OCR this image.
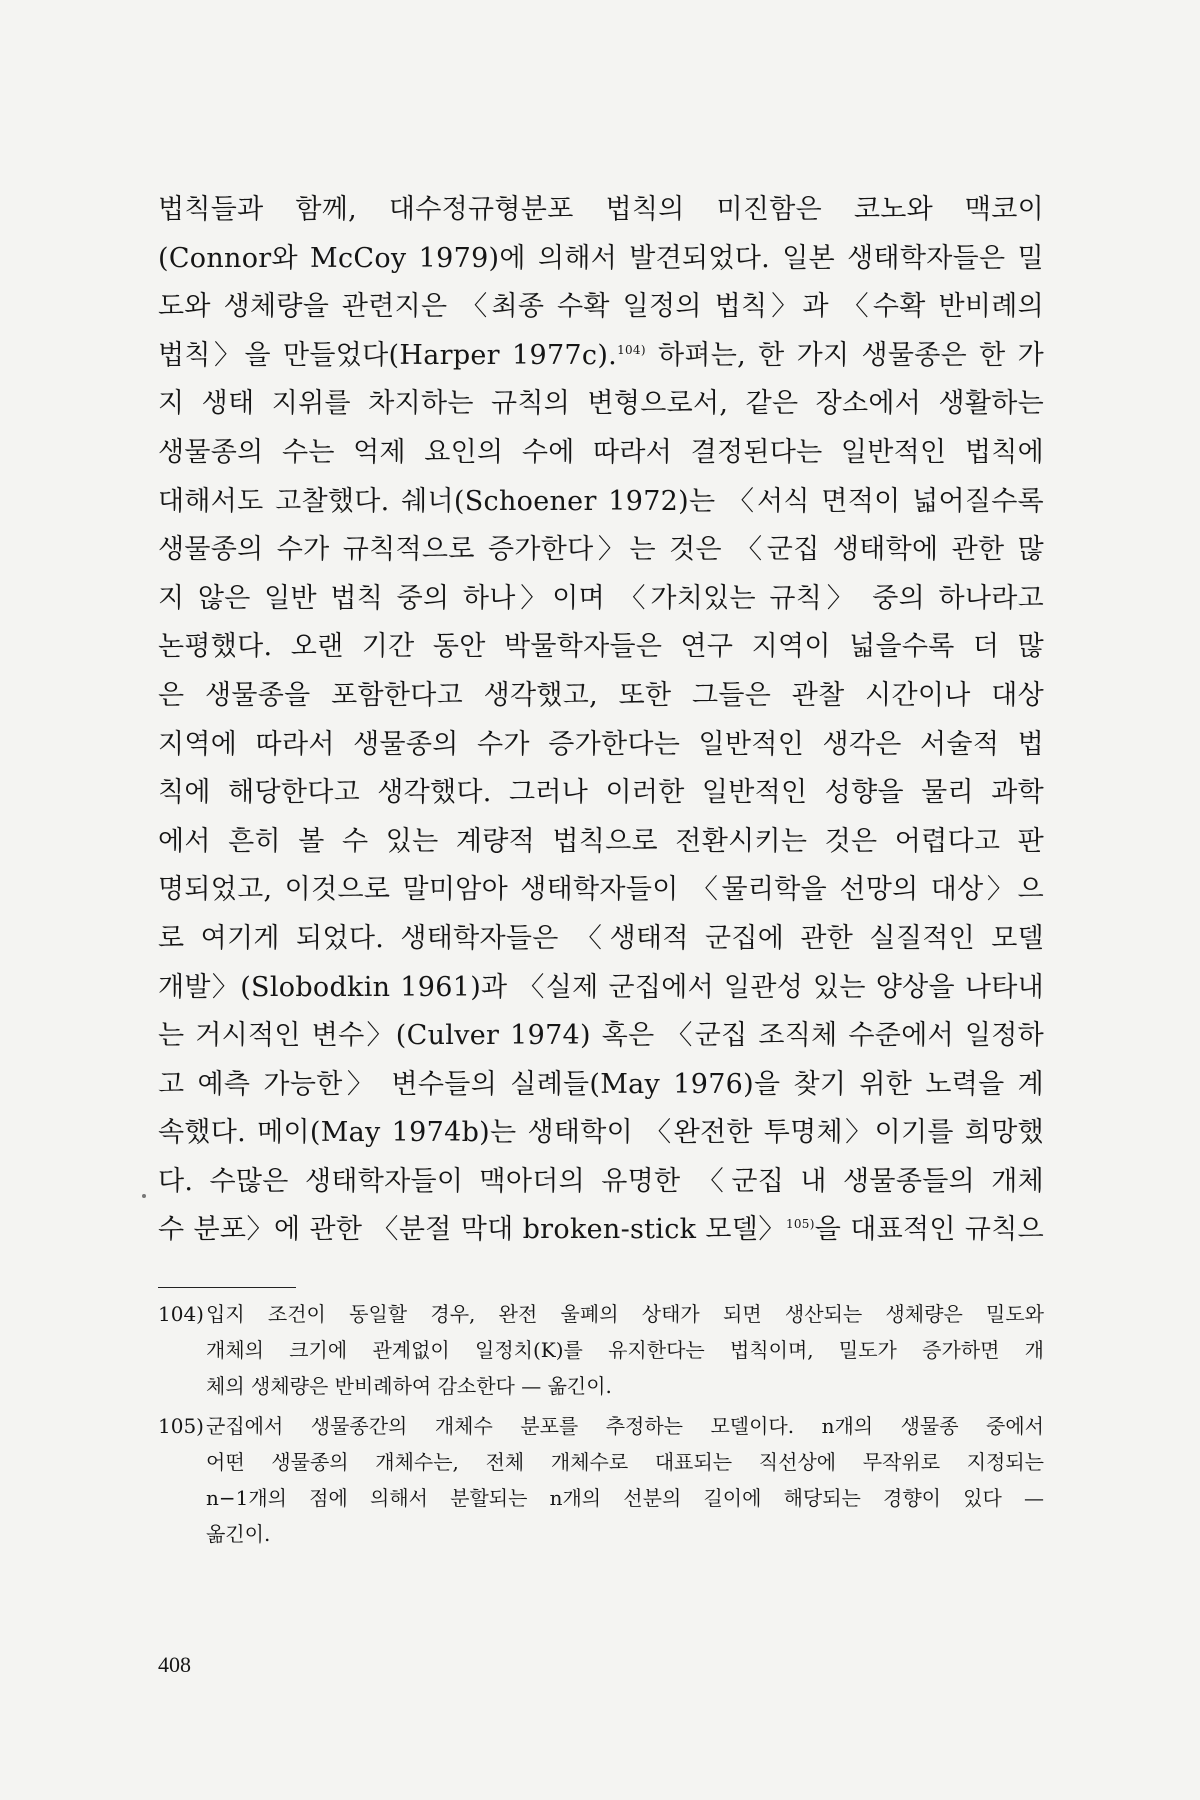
법칙들과 함께, 대수정규형분포 법칙의 미진함은 코노와 맥코이
(Connor와 McCoy 1979)에 의해서 발견되었다. 일본 생태학자들은 밀
도와 생체량을 관련지은 〈최종 수확 일정의 법칙〉과 〈수확 반비례의
법칙〉을 만들었다(Harper 1977c).$^{104)}$ 하펴는, 한 가지 생물종은 한 가
지 생태 지위를 차지하는 규칙의 변형으로서, 같은 장소에서 생활하는
생물종의 수는 억제 요인의 수에 따라서 결정된다는 일반적인 법칙에
대해서도 고찰했다. 쉐너(Schoener 1972)는 〈서식 면적이 넓어질수록
생물종의 수가 규칙적으로 증가한다〉는 것은 〈군집 생태학에 관한 많
지 않은 일반 법칙 중의 하나〉이며 〈가치있는 규칙〉 중의 하나라고
논평했다. 오랜 기간 동안 박물학자들은 연구 지역이 넓을수록 더 많
은 생물종을 포함한다고 생각했고, 또한 그들은 관찰 시간이나 대상
지역에 따라서 생물종의 수가 증가한다는 일반적인 생각은 서술적 법
칙에 해당한다고 생각했다. 그러나 이러한 일반적인 성향을 물리 과학
에서 흔히 볼 수 있는 계량적 법칙으로 전환시키는 것은 어렵다고 판
명되었고, 이것으로 말미암아 생태학자들이 〈물리학을 선망의 대상〉으
로 여기게 되었다. 생태학자들은 〈생태적 군집에 관한 실질적인 모델
개발〉(Slobodkin 1961)과 〈실제 군집에서 일관성 있는 양상을 나타내
는 거시적인 변수〉(Culver 1974) 혹은 〈군집 조직체 수준에서 일정하
고 예측 가능한〉 변수들의 실례들(May 1976)을 찾기 위한 노력을 계
속했다. 메이(May 1974b)는 생태학이 〈완전한 투명체〉이기를 희망했
다. 수많은 생태학자들이 맥아더의 유명한 〈군집 내 생물종들의 개체
수 분포〉에 관한 〈분절 막대 broken-stick 모델〉$^{105)}$을 대표적인 규칙으
104) 입지 조건이 동일할 경우, 완전 울폐의 상태가 되면 생산되는 생체량은 밀도와
개체의 크기에 관계없이 일정치(K)를 유지한다는 법칙이며, 밀도가 증가하면 개
체의 생체량은 반비례하여 감소한다 — 옮긴이.
105) 군집에서 생물종간의 개체수 분포를 추정하는 모델이다. n개의 생물종 중에서
어떤 생물종의 개체수는, 전체 개체수로 대표되는 직선상에 무작위로 지정되는
n−1개의 점에 의해서 분할되는 n개의 선분의 길이에 해당되는 경향이 있다 —
옮긴이.
408
